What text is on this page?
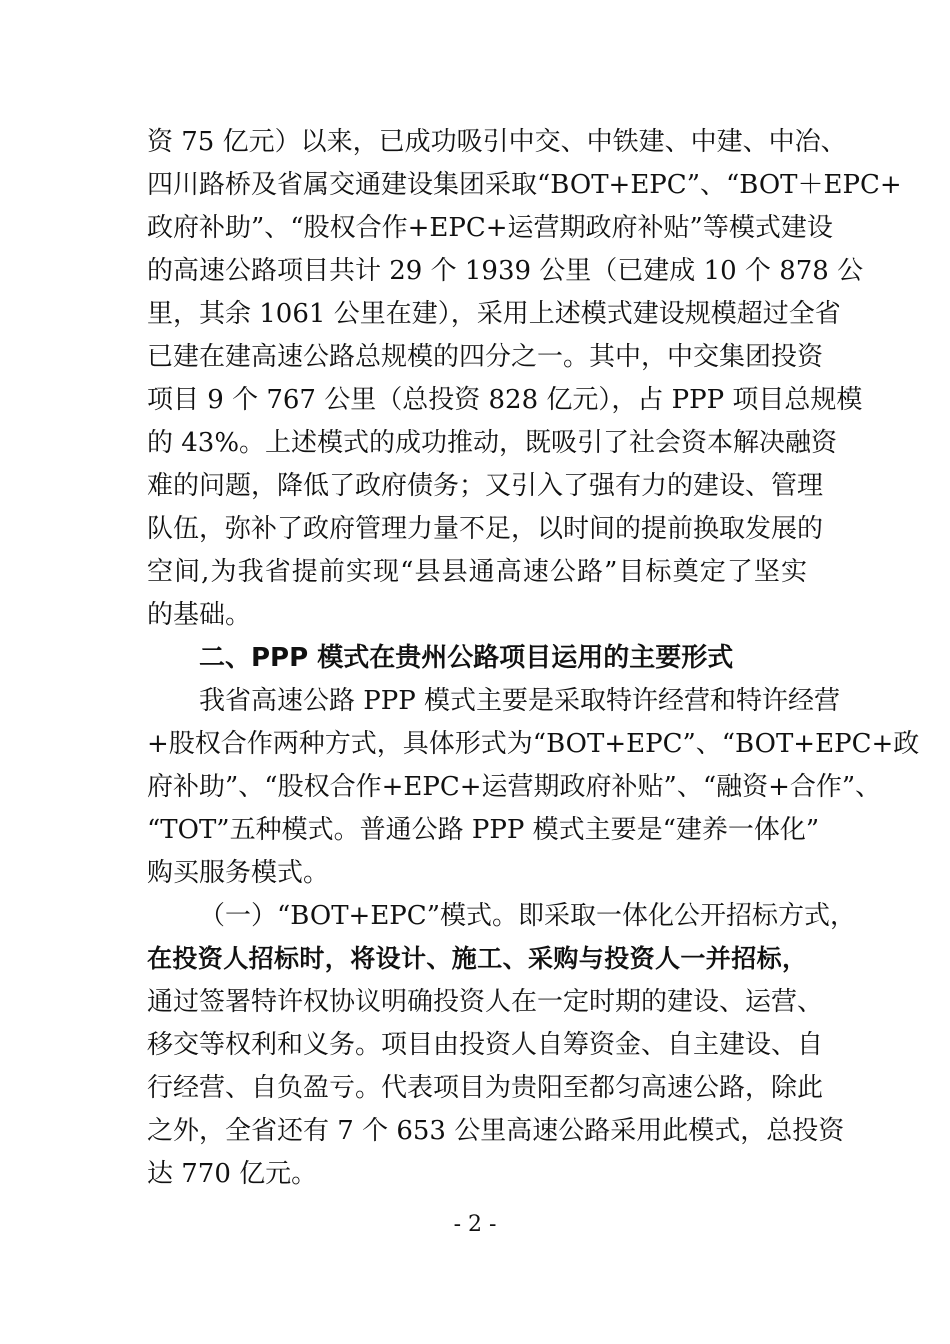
资 75 亿元）以来，已成功吸引中交、中铁建、中建、中冶、
四川路桥及省属交通建设集团采取“BOT+EPC”、“BOT＋EPC+
政府补助”、“股权合作+EPC+运营期政府补贴”等模式建设
的高速公路项目共计 29 个 1939 公里（已建成 10 个 878 公
里，其余 1061 公里在建），采用上述模式建设规模超过全省
已建在建高速公路总规模的四分之一。其中，中交集团投资
项目 9 个 767 公里（总投资 828 亿元），占 PPP 项目总规模
的 43%。上述模式的成功推动，既吸引了社会资本解决融资
难的问题，降低了政府债务；又引入了强有力的建设、管理
队伍，弥补了政府管理力量不足，以时间的提前换取发展的
空间,为我省提前实现“县县通高速公路”目标奠定了坚实
的基础。
二、PPP 模式在贵州公路项目运用的主要形式
我省高速公路 PPP 模式主要是采取特许经营和特许经营
+股权合作两种方式，具体形式为“BOT+EPC”、“BOT+EPC+政
府补助”、“股权合作+EPC+运营期政府补贴”、“融资+合作”、
“TOT”五种模式。普通公路 PPP 模式主要是“建养一体化”
购买服务模式。
（一）“BOT+EPC”模式。即采取一体化公开招标方式，
在投资人招标时，将设计、施工、采购与投资人一并招标，
通过签署特许权协议明确投资人在一定时期的建设、运营、
移交等权利和义务。项目由投资人自筹资金、自主建设、自
行经营、自负盈亏。代表项目为贵阳至都匀高速公路，除此
之外，全省还有 7 个 653 公里高速公路采用此模式，总投资
达 770 亿元。
- 2 -
